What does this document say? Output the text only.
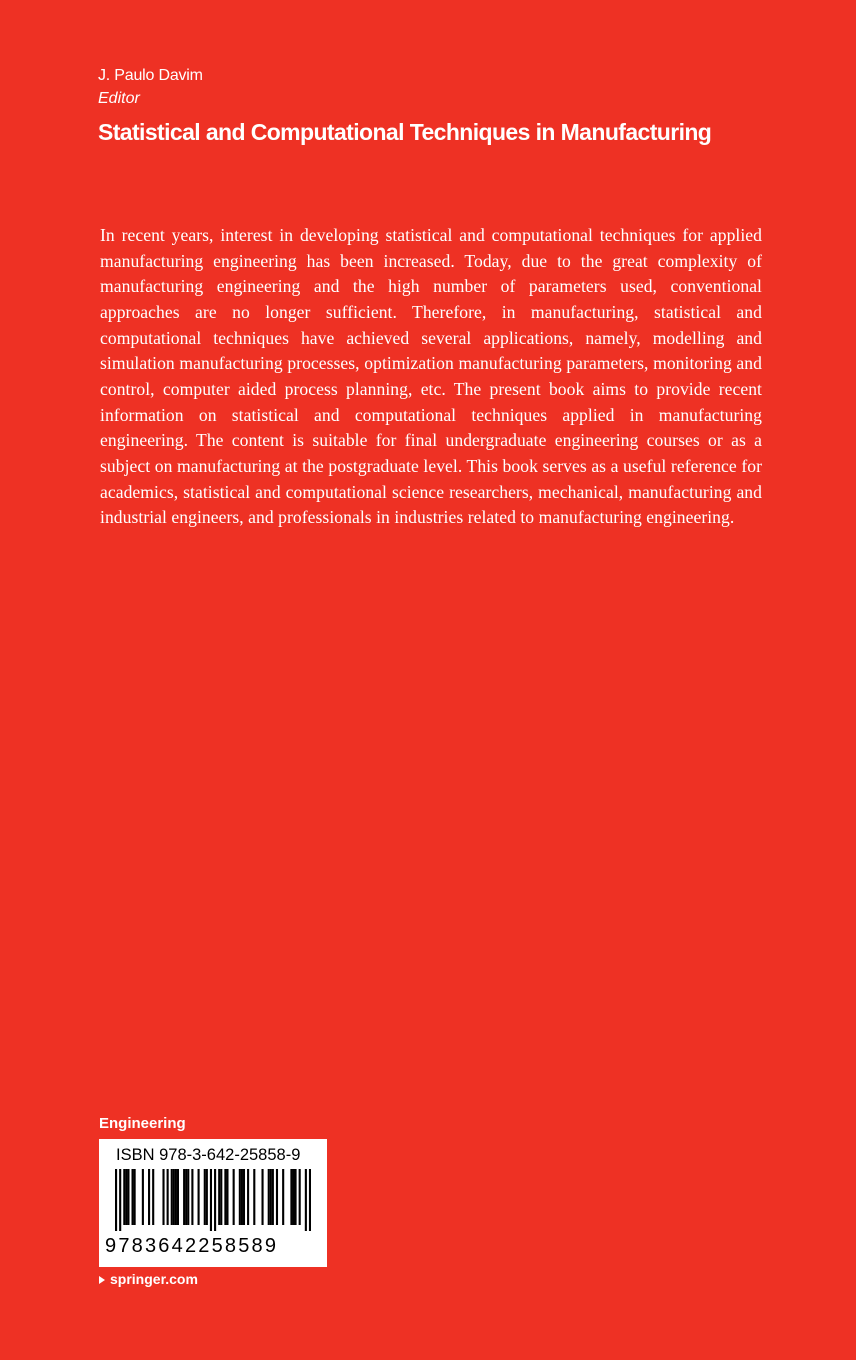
J. Paulo Davim
Editor
Statistical and Computational Techniques in Manufacturing

In recent years, interest in developing statistical and computational techniques for applied manufacturing engineering has been increased. Today, due to the great complexity of manufacturing engineering and the high number of parameters used, conventional approaches are no longer sufficient. Therefore, in manufacturing, statistical and computational techniques have achieved several applications, namely, modelling and simulation manufacturing processes, optimization manufacturing parameters, monitoring and control, computer aided process planning, etc. The present book aims to provide recent information on statistical and computational techniques applied in manufacturing engineering. The content is suitable for final undergraduate engineering courses or as a subject on manufacturing at the postgraduate level. This book serves as a useful reference for academics, statistical and computational science researchers, mechanical, manufacturing and industrial engineers, and professionals in industries related to manufacturing engineering.

Engineering
ISBN 978-3-642-25858-9
9783642258589
springer.com
